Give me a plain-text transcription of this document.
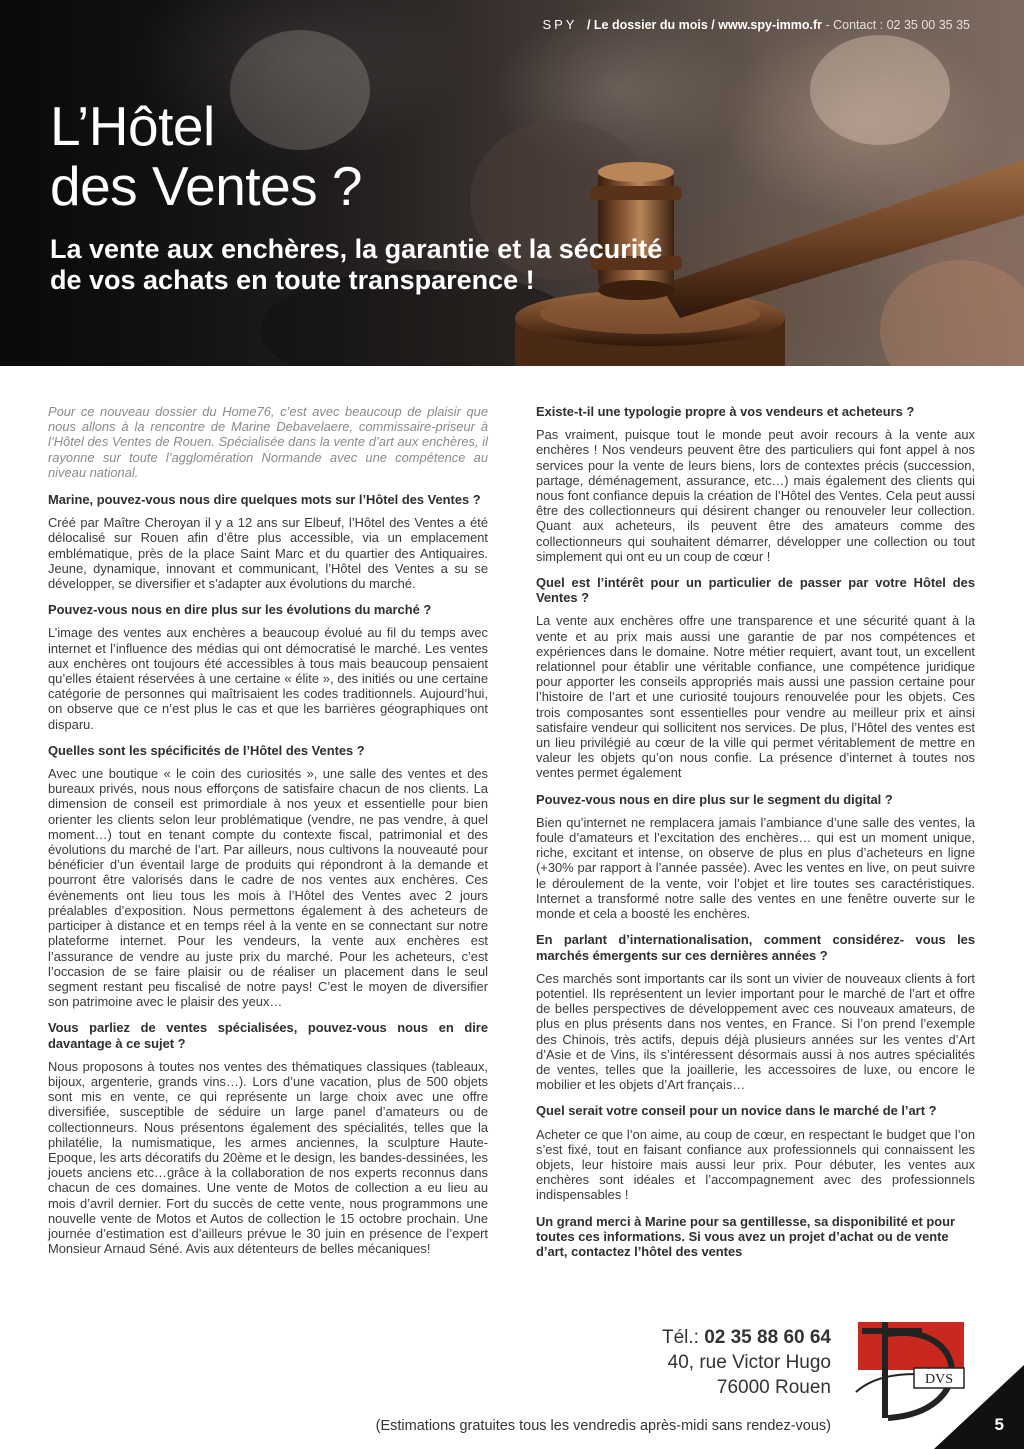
SPY / Le dossier du mois / www.spy-immo.fr - Contact : 02 35 00 35 35
L’Hôtel
des Ventes ?
La vente aux enchères, la garantie et la sécurité
de vos achats en toute transparence !

Pour ce nouveau dossier du Home76, c’est avec beaucoup de plaisir que nous allons à la rencontre de Marine Debavelaere, commissaire-priseur à l’Hôtel des Ventes de Rouen. Spécialisée dans la vente d’art aux enchères, il rayonne sur toute l’agglomération Normande avec une compétence au niveau national.

Marine, pouvez-vous nous dire quelques mots sur l’Hôtel des Ventes ?

Créé par Maître Cheroyan il y a 12 ans sur Elbeuf, l’Hôtel des Ventes a été délocalisé sur Rouen afin d’être plus accessible, via un emplacement emblématique, près de la place Saint Marc et du quartier des Antiquaires. Jeune, dynamique, innovant et communicant, l’Hôtel des Ventes a su se développer, se diversifier et s’adapter aux évolutions du marché.

Pouvez-vous nous en dire plus sur les évolutions du marché ?

L’image des ventes aux enchères a beaucoup évolué au fil du temps avec internet et l’influence des médias qui ont démocratisé le marché. Les ventes aux enchères ont toujours été accessibles à tous mais beaucoup pensaient qu’elles étaient réservées à une certaine « élite », des initiés ou une certaine catégorie de personnes qui maîtrisaient les codes traditionnels. Aujourd’hui, on observe que ce n’est plus le cas et que les barrières géographiques ont disparu.

Quelles sont les spécificités de l’Hôtel des Ventes ?

Avec une boutique « le coin des curiosités », une salle des ventes et des bureaux privés, nous nous efforçons de satisfaire chacun de nos clients. La dimension de conseil est primordiale à nos yeux et essentielle pour bien orienter les clients selon leur problématique (vendre, ne pas vendre, à quel moment…) tout en tenant compte du contexte fiscal, patrimonial et des évolutions du marché de l’art. Par ailleurs, nous cultivons la nouveauté pour bénéficier d’un éventail large de produits qui répondront à la demande et pourront être valorisés dans le cadre de nos ventes aux enchères. Ces évènements ont lieu tous les mois à l’Hôtel des Ventes avec 2 jours préalables d’exposition. Nous permettons également à des acheteurs de participer à distance et en temps réel à la vente en se connectant sur notre plateforme internet. Pour les vendeurs, la vente aux enchères est l’assurance de vendre au juste prix du marché. Pour les acheteurs, c’est l’occasion de se faire plaisir ou de réaliser un placement dans le seul segment restant peu fiscalisé de notre pays! C’est le moyen de diversifier son patrimoine avec le plaisir des yeux…

Vous parliez de ventes spécialisées, pouvez-vous nous en dire davantage à ce sujet ?

Nous proposons à toutes nos ventes des thématiques classiques (tableaux, bijoux, argenterie, grands vins…). Lors d’une vacation, plus de 500 objets sont mis en vente, ce qui représente un large choix avec une offre diversifiée, susceptible de séduire un large panel d’amateurs ou de collectionneurs. Nous présentons également des spécialités, telles que la philatélie, la numismatique, les armes anciennes, la sculpture Haute-Epoque, les arts décoratifs du 20ème et le design, les bandes-dessinées, les jouets anciens etc…grâce à la collaboration de nos experts reconnus dans chacun de ces domaines. Une vente de Motos de collection a eu lieu au mois d’avril dernier. Fort du succès de cette vente, nous programmons une nouvelle vente de Motos et Autos de collection le 15 octobre prochain. Une journée d’estimation est d’ailleurs prévue le 30 juin en présence de l’expert Monsieur Arnaud Séné. Avis aux détenteurs de belles mécaniques!

Existe-t-il une typologie propre à vos vendeurs et acheteurs ?

Pas vraiment, puisque tout le monde peut avoir recours à la vente aux enchères ! Nos vendeurs peuvent être des particuliers qui font appel à nos services pour la vente de leurs biens, lors de contextes précis (succession, partage, déménagement, assurance, etc…) mais également des clients qui nous font confiance depuis la création de l’Hôtel des Ventes. Cela peut aussi être des collectionneurs qui désirent changer ou renouveler leur collection. Quant aux acheteurs, ils peuvent être des amateurs comme des collectionneurs qui souhaitent démarrer, développer une collection ou tout simplement qui ont eu un coup de cœur !

Quel est l’intérêt pour un particulier de passer par votre Hôtel des Ventes ?

La vente aux enchères offre une transparence et une sécurité quant à la vente et au prix mais aussi une garantie de par nos compétences et expériences dans le domaine. Notre métier requiert, avant tout, un excellent relationnel pour établir une véritable confiance, une compétence juridique pour apporter les conseils appropriés mais aussi une passion certaine pour l’histoire de l’art et une curiosité toujours renouvelée pour les objets. Ces trois composantes sont essentielles pour vendre au meilleur prix et ainsi satisfaire vendeur qui sollicitent nos services. De plus, l’Hôtel des ventes est un lieu privilégié au cœur de la ville qui permet véritablement de mettre en valeur les objets qu’on nous confie. La présence d’internet à toutes nos ventes permet également

Pouvez-vous nous en dire plus sur le segment du digital ?

Bien qu’internet ne remplacera jamais l’ambiance d’une salle des ventes, la foule d’amateurs et l’excitation des enchères… qui est un moment unique, riche, excitant et intense, on observe de plus en plus d’acheteurs en ligne (+30% par rapport à l’année passée). Avec les ventes en live, on peut suivre le déroulement de la vente, voir l’objet et lire toutes ses caractéristiques. Internet a transformé notre salle des ventes en une fenêtre ouverte sur le monde et cela a boosté les enchères.

En parlant d’internationalisation, comment considérez- vous les marchés émergents sur ces dernières années ?

Ces marchés sont importants car ils sont un vivier de nouveaux clients à fort potentiel. Ils représentent un levier important pour le marché de l’art et offre de belles perspectives de développement avec ces nouveaux amateurs, de plus en plus présents dans nos ventes, en France. Si l’on prend l’exemple des Chinois, très actifs, depuis déjà plusieurs années sur les ventes d’Art d’Asie et de Vins, ils s’intéressent désormais aussi à nos autres spécialités de ventes, telles que la joaillerie, les accessoires de luxe, ou encore le mobilier et les objets d’Art français…

Quel serait votre conseil pour un novice dans le marché de l’art ?

Acheter ce que l’on aime, au coup de cœur, en respectant le budget que l’on s’est fixé, tout en faisant confiance aux professionnels qui connaissent les objets, leur histoire mais aussi leur prix. Pour débuter, les ventes aux enchères sont idéales et l’accompagnement avec des professionnels indispensables !

Un grand merci à Marine pour sa gentillesse, sa disponibilité et pour toutes ces informations. Si vous avez un projet d’achat ou de vente d’art, contactez l’hôtel des ventes

Tél.: 02 35 88 60 64
40, rue Victor Hugo
76000 Rouen
(Estimations gratuites tous les vendredis après-midi sans rendez-vous)
DVS
5
